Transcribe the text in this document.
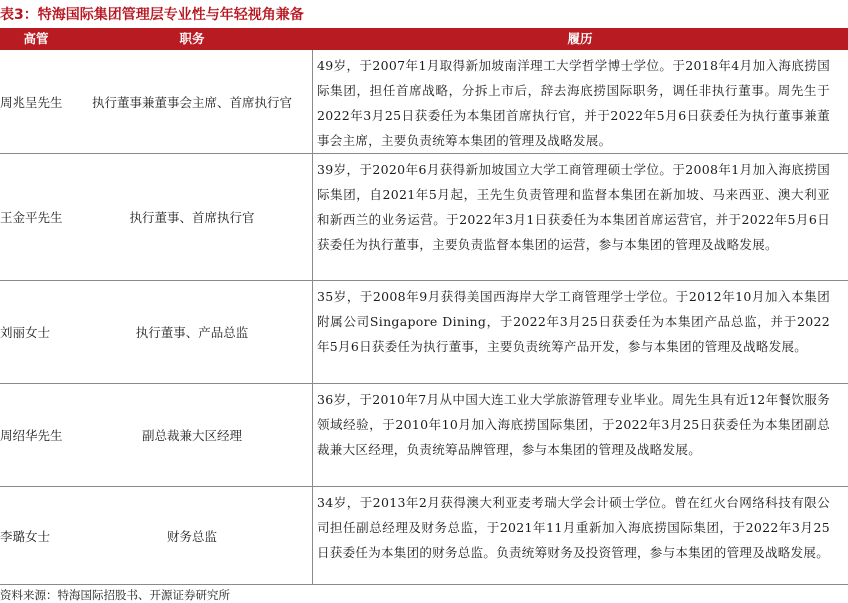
表3：特海国际集团管理层专业性与年轻视角兼备
高管	职务	履历
周兆呈先生	执行董事兼董事会主席、首席执行官
49岁，于2007年1月取得新加坡南洋理工大学哲学博士学位。于2018年4月加入海底捞国际集团，担任首席战略，分拆上市后，辞去海底捞国际职务，调任非执行董事。周先生于2022年3月25日获委任为本集团首席执行官，并于2022年5月6日获委任为执行董事兼董事会主席，主要负责统筹本集团的管理及战略发展。
王金平先生	执行董事、首席执行官
39岁，于2020年6月获得新加坡国立大学工商管理硕士学位。于2008年1月加入海底捞国际集团，自2021年5月起，王先生负责管理和监督本集团在新加坡、马来西亚、澳大利亚和新西兰的业务运营。于2022年3月1日获委任为本集团首席运营官，并于2022年5月6日获委任为执行董事，主要负责监督本集团的运营，参与本集团的管理及战略发展。
刘丽女士	执行董事、产品总监
35岁，于2008年9月获得美国西海岸大学工商管理学士学位。于2012年10月加入本集团附属公司Singapore Dining，于2022年3月25日获委任为本集团产品总监，并于2022年5月6日获委任为执行董事，主要负责统筹产品开发，参与本集团的管理及战略发展。
周绍华先生	副总裁兼大区经理
36岁，于2010年7月从中国大连工业大学旅游管理专业毕业。周先生具有近12年餐饮服务领域经验，于2010年10月加入海底捞国际集团，于2022年3月25日获委任为本集团副总裁兼大区经理，负责统筹品牌管理，参与本集团的管理及战略发展。
李璐女士	财务总监
34岁，于2013年2月获得澳大利亚麦考瑞大学会计硕士学位。曾在红火台网络科技有限公司担任副总经理及财务总监，于2021年11月重新加入海底捞国际集团，于2022年3月25日获委任为本集团的财务总监。负责统筹财务及投资管理，参与本集团的管理及战略发展。
资料来源：特海国际招股书、开源证券研究所
